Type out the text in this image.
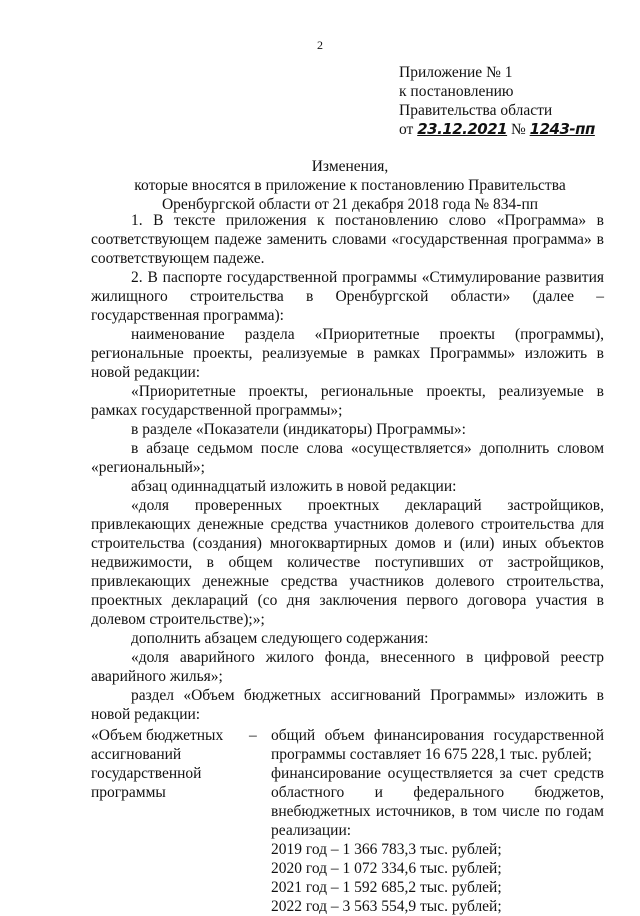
2
Приложение № 1
к постановлению
Правительства области
от 23.12.2021 № 1243-пп
Изменения,
которые вносятся в приложение к постановлению Правительства
Оренбургской области от 21 декабря 2018 года № 834-пп

1. В тексте приложения к постановлению слово «Программа» в соответствующем падеже заменить словами «государственная программа» в соответствующем падеже.

2. В паспорте государственной программы «Стимулирование развития жилищного строительства в Оренбургской области» (далее – государственная программа):

наименование раздела «Приоритетные проекты (программы), региональные проекты, реализуемые в рамках Программы» изложить в новой редакции:

«Приоритетные проекты, региональные проекты, реализуемые в рамках государственной программы»;

в разделе «Показатели (индикаторы) Программы»:

в абзаце седьмом после слова «осуществляется» дополнить словом «региональный»;

абзац одиннадцатый изложить в новой редакции:

«доля проверенных проектных деклараций застройщиков, привлекающих денежные средства участников долевого строительства для строительства (создания) многоквартирных домов и (или) иных объектов недвижимости, в общем количестве поступивших от застройщиков, привлекающих денежные средства участников долевого строительства, проектных деклараций (со дня заключения первого договора участия в долевом строительстве);»;

дополнить абзацем следующего содержания:

«доля аварийного жилого фонда, внесенного в цифровой реестр аварийного жилья»;

раздел «Объем бюджетных ассигнований Программы» изложить в новой редакции:

«Объем бюджетных ассигнований государственной программы	–	общий объем финансирования государственной программы составляет 16 675 228,1 тыс. рублей;
финансирование осуществляется за счет средств областного и федерального бюджетов, внебюджетных источников, в том числе по годам реализации:
2019 год – 1 366 783,3 тыс. рублей;
2020 год – 1 072 334,6 тыс. рублей;
2021 год – 1 592 685,2 тыс. рублей;
2022 год – 3 563 554,9 тыс. рублей;
